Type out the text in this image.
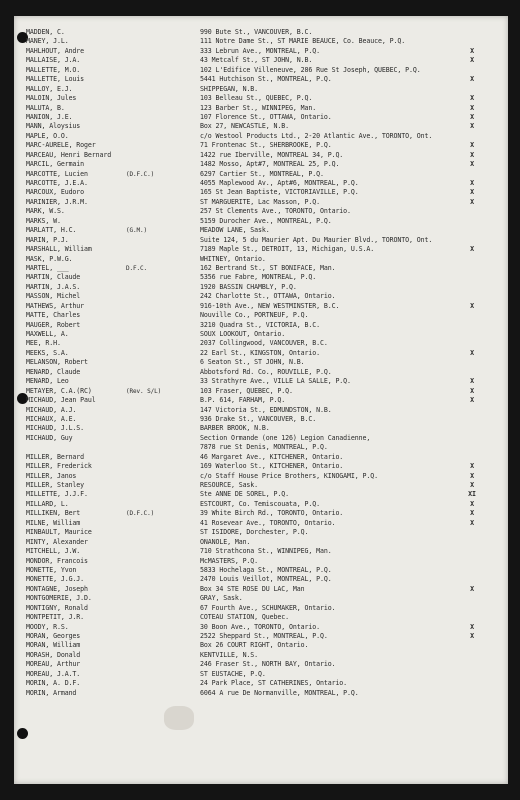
MADDEN, C.	990 Bute St., VANCOUVER, B.C.
MANEY, J.L.	111 Notre Dame St., ST MARIE BEAUCE, Co. Beauce, P.Q.
MAHLHOUT, Andre	333 Lebrun Ave., MONTREAL, P.Q.	X
MALLAISE, J.A.	43 Metcalf St., ST JOHN, N.B.	X
MALLETTE, M.O.	102 L'Edifice Villeneuve, 286 Rue St Joseph, QUEBEC, P.Q.
MALLETTE, Louis	5441 Hutchison St., MONTREAL, P.Q.	X
MALLOY, E.J.	SHIPPEGAN, N.B.
MALOIN, Jules	103 Belleau St., QUEBEC, P.Q.	X
MALUTA, B.	123 Barber St., WINNIPEG, Man.	X
MANION, J.E.	107 Florence St., OTTAWA, Ontario.	X
MANN, Aloysius	Box 27, NEWCASTLE, N.B.	X
MAPLE, O.O.	c/o Westool Products Ltd., 2-20 Atlantic Ave., TORONTO, Ont.
MARC-AURELE, Roger	71 Frontenac St., SHERBROOKE, P.Q.	X
MARCEAU, Henri Bernard	1422 rue Iberville, MONTREAL 34, P.Q.	X
MARCIL, Germain	1482 Mosso, Apt#7, MONTREAL 25, P.Q.	X
MARCOTTE, Lucien	(D.F.C.)	6297 Cartier St., MONTREAL, P.Q.
MARCOTTE, J.E.A.	4055 Maplewood Av., Apt#6, MONTREAL, P.Q.	X
MARCOUX, Eudoro	165 St Jean Baptiste, VICTORIAVILLE, P.Q.	X
MARINIER, J.R.M.	ST MARGUERITE, Lac Masson, P.Q.	X
MARK, W.S.	257 St Clements Ave., TORONTO, Ontario.
MARKS, W.	5159 Durocher Ave., MONTREAL, P.Q.
MARLATT, H.C.	(G.M.)	MEADOW LANE, Sask.
MARIN, P.J.	Suite 124, 5 du Maurier Apt. Du Maurier Blvd., TORONTO, Ont.
MARSHALL, William	7189 Maple St., DETROIT, 13, Michigan, U.S.A.	X
MASK, P.W.G.	WHITNEY, Ontario.
MARTEL, ___	D.F.C.	162 Bertrand St., ST BONIFACE, Man.
MARTIN, Claude	5356 rue Fabre, MONTREAL, P.Q.
MARTIN, J.A.S.	1920 BASSIN CHAMBLY, P.Q.
MASSON, Michel	242 Charlotte St., OTTAWA, Ontario.
MATHEWS, Arthur	916-10th Ave., NEW WESTMINSTER, B.C.	X
MATTE, Charles	Nouville Co., PORTNEUF, P.Q.
MAUGER, Robert	3210 Quadra St., VICTORIA, B.C.
MAXWELL, A.	SOUX LOOKOUT, Ontario.
MEE, R.H.	2037 Collingwood, VANCOUVER, B.C.
MEEKS, S.A.	22 Earl St., KINGSTON, Ontario.	X
MELANSON, Robert	6 Seaton St., ST JOHN, N.B.
MENARD, Claude	Abbotsford Rd. Co., ROUVILLE, P.Q.
MENARD, Leo	33 Strathyre Ave., VILLE LA SALLE, P.Q.	X
METAYER, C.A.(RC)	(Rev. S/L)	103 Fraser, QUEBEC, P.Q.	X
MICHAUD, Jean Paul	B.P. 614, FARHAM, P.Q.	X
MICHAUD, A.J.	147 Victoria St., EDMUNDSTON, N.B.
MICHAUX, A.E.	936 Drake St., VANCOUVER, B.C.
MICHAUD, J.L.S.	BARBER BROOK, N.B.
MICHAUD, Guy	Section Ormande (one 126) Legion Canadienne,
7878 rue St Denis, MONTREAL, P.Q.
MILLER, Bernard	46 Margaret Ave., KITCHENER, Ontario.
MILLER, Frederick	169 Waterloo St., KITCHENER, Ontario.	X
MILLER, Janos	c/o Staff House Price Brothers, KINOGAMI, P.Q.	X
MILLER, Stanley	RESOURCE, Sask.	X
MILLETTE, J.J.F.	Ste ANNE DE SOREL, P.Q.	XI
MILLARD, L.	ESTCOURT, Co. Temiscouata, P.Q.	X
MILLIKEN, Bert	(D.F.C.)	39 White Birch Rd., TORONTO, Ontario.	X
MILNE, William	41 Rosevear Ave., TORONTO, Ontario.	X
MINBAULT, Maurice	ST ISIDORE, Dorchester, P.Q.
MINTY, Alexander	ONANOLE, Man.
MITCHELL, J.W.	710 Strathcona St., WINNIPEG, Man.
MONDOR, Francois	McMASTERS, P.Q.
MONETTE, Yvon	5833 Hochelaga St., MONTREAL, P.Q.
MONETTE, J.G.J.	2470 Louis Veillot, MONTREAL, P.Q.
MONTAGNE, Joseph	Box 34 STE ROSE DU LAC, Man	X
MONTGOMERIE, J.D.	GRAY, Sask.
MONTIGNY, Ronald	67 Fourth Ave., SCHUMAKER, Ontario.
MONTPETIT, J.R.	COTEAU STATION, Quebec.
MOODY, R.S.	30 Boon Ave., TORONTO, Ontario.	X
MORAN, Georges	2522 Sheppard St., MONTREAL, P.Q.	X
MORAN, William	Box 26 COURT RIGHT, Ontario.
MORASH, Donald	KENTVILLE, N.S.
MOREAU, Arthur	246 Fraser St., NORTH BAY, Ontario.
MOREAU, J.A.T.	ST EUSTACHE, P.Q.
MORIN, A. D.F.	24 Park Place, ST CATHERINES, Ontario.
MORIN, Armand	6064 A rue De Normanville, MONTREAL, P.Q.
